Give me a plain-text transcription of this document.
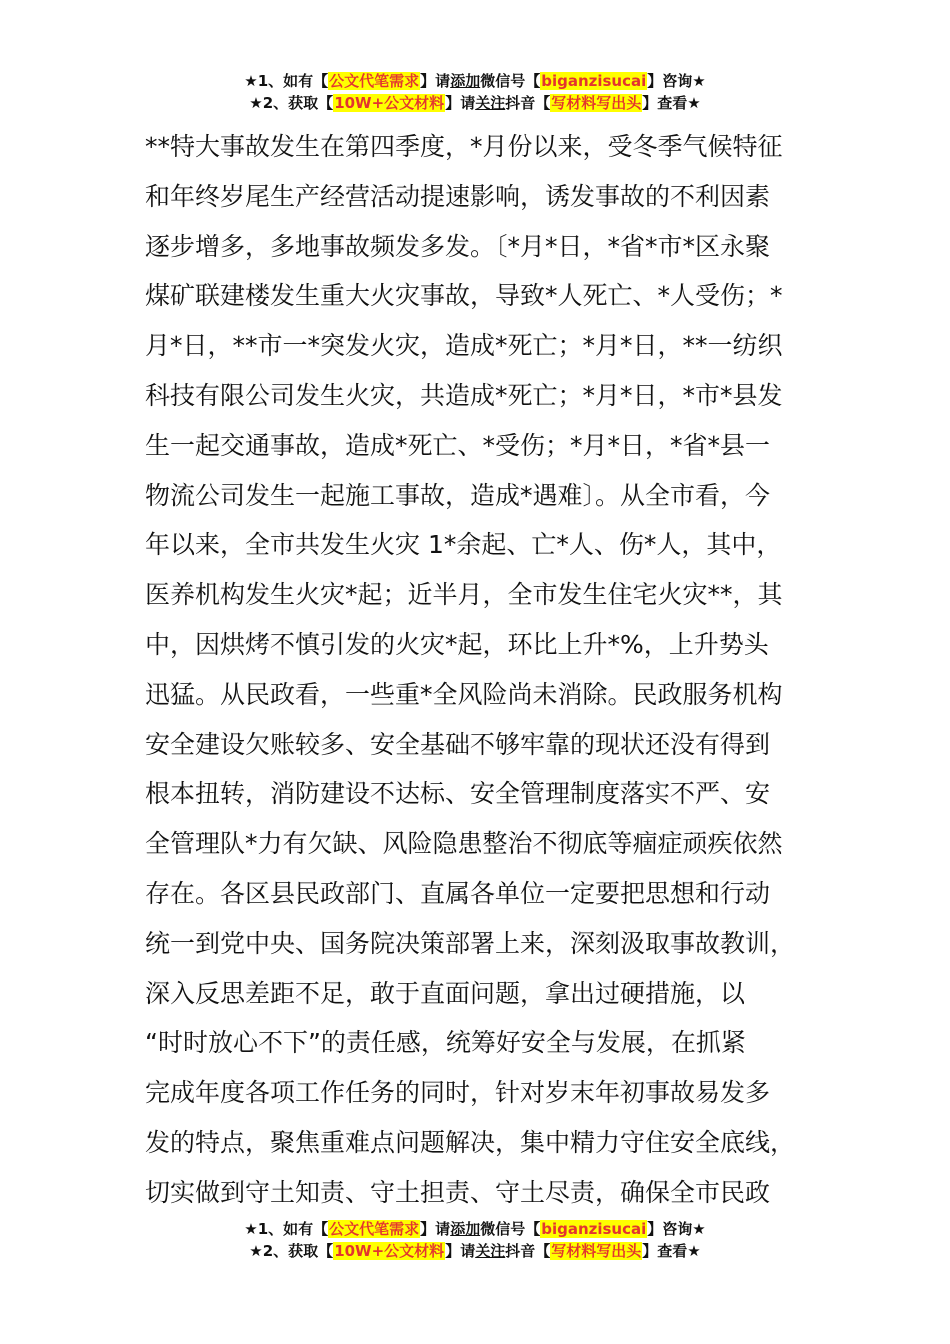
★1、如有【公文代笔需求】请添加微信号【biganzisucai】咨询★
★2、获取【10W+公文材料】请关注抖音【写材料写出头】查看★
**特大事故发生在第四季度，*月份以来，受冬季气候特征
和年终岁尾生产经营活动提速影响，诱发事故的不利因素
逐步增多，多地事故频发多发。〔*月*日，*省*市*区永聚
煤矿联建楼发生重大火灾事故，导致*人死亡、*人受伤；*
月*日，**市一*突发火灾，造成*死亡；*月*日，**一纺织
科技有限公司发生火灾，共造成*死亡；*月*日，*市*县发
生一起交通事故，造成*死亡、*受伤；*月*日，*省*县一
物流公司发生一起施工事故，造成*遇难〕。从全市看，今
年以来，全市共发生火灾 1*余起、亡*人、伤*人，其中，
医养机构发生火灾*起；近半月，全市发生住宅火灾**，其
中，因烘烤不慎引发的火灾*起，环比上升*%，上升势头
迅猛。从民政看，一些重*全风险尚未消除。民政服务机构
安全建设欠账较多、安全基础不够牢靠的现状还没有得到
根本扭转，消防建设不达标、安全管理制度落实不严、安
全管理队*力有欠缺、风险隐患整治不彻底等痼症顽疾依然
存在。各区县民政部门、直属各单位一定要把思想和行动
统一到党中央、国务院决策部署上来，深刻汲取事故教训，
深入反思差距不足，敢于直面问题，拿出过硬措施，以
“时时放心不下”的责任感，统筹好安全与发展，在抓紧
完成年度各项工作任务的同时，针对岁末年初事故易发多
发的特点，聚焦重难点问题解决，集中精力守住安全底线，
切实做到守土知责、守土担责、守土尽责，确保全市民政
★1、如有【公文代笔需求】请添加微信号【biganzisucai】咨询★
★2、获取【10W+公文材料】请关注抖音【写材料写出头】查看★
